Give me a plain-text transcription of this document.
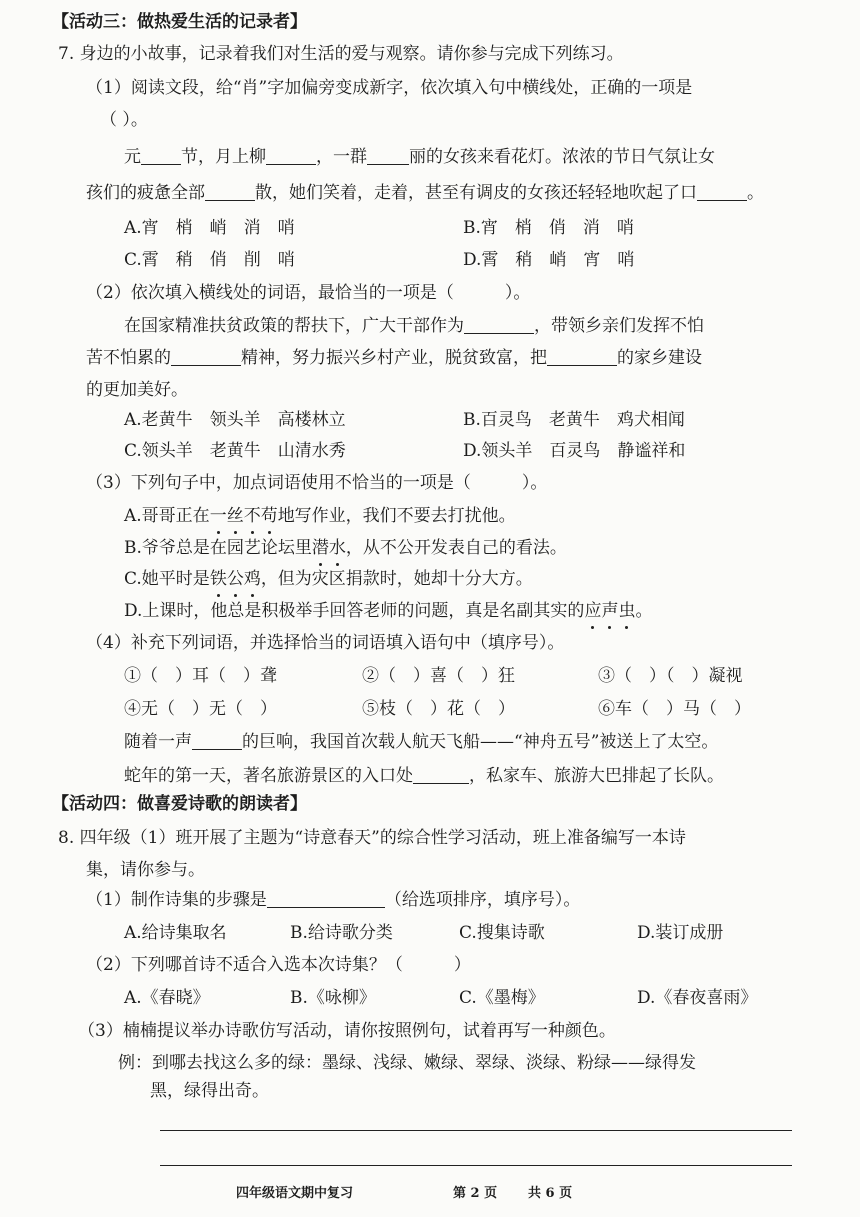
【活动三：做热爱生活的记录者】
7. 身边的小故事，记录着我们对生活的爱与观察。请你参与完成下列练习。
（1）阅读文段，给“肖”字加偏旁变成新字，依次填入句中横线处，正确的一项是
（ ）。
元 节，月上柳	，一群 丽的女孩来看花灯。浓浓的节日气氛让女
孩们的疲惫全部	散，她们笑着，走着，甚至有调皮的女孩还轻轻地吹起了口	。
A.宵　梢　峭　消　哨	B.宵　梢　俏　消　哨
C.霄　稍　俏　削　哨	D.霄　稍　峭　宵　哨
（2）依次填入横线处的词语，最恰当的一项是（　　　）。
在国家精准扶贫政策的帮扶下，广大干部作为	，带领乡亲们发挥不怕
苦不怕累的	精神，努力振兴乡村产业，脱贫致富，把	的家乡建设
的更加美好。
A.老黄牛　领头羊　高楼林立	B.百灵鸟　老黄牛　鸡犬相闻
C.领头羊　老黄牛　山清水秀	D.领头羊　百灵鸟　静谧祥和
（3）下列句子中，加点词语使用不恰当的一项是（　　　）。
A.哥哥正在一丝不苟地写作业，我们不要去打扰他。
B.爷爷总是在园艺论坛里潜水，从不公开发表自己的看法。
C.她平时是铁公鸡，但为灾区捐款时，她却十分大方。
D.上课时，他总是积极举手回答老师的问题，真是名副其实的应声虫。
（4）补充下列词语，并选择恰当的词语填入语句中（填序号）。
①（　）耳（　）聋	②（　）喜（　）狂	③（　）（　）凝视
④无（　）无（　）	⑤枝（　）花（　）	⑥车（　）马（　）
随着一声	的巨响，我国首次载人航天飞船——“神舟五号”被送上了太空。
蛇年的第一天，著名旅游景区的入口处	，私家车、旅游大巴排起了长队。
【活动四：做喜爱诗歌的朗读者】
8. 四年级（1）班开展了主题为“诗意春天”的综合性学习活动，班上准备编写一本诗
集，请你参与。
（1）制作诗集的步骤是	（给选项排序，填序号）。
A.给诗集取名	B.给诗歌分类	C.搜集诗歌	D.装订成册
（2）下列哪首诗不适合入选本次诗集？（　　　）
A.《春晓》	B.《咏柳》	C.《墨梅》	D.《春夜喜雨》
（3）楠楠提议举办诗歌仿写活动，请你按照例句，试着再写一种颜色。
例：到哪去找这么多的绿：墨绿、浅绿、嫩绿、翠绿、淡绿、粉绿——绿得发
黑，绿得出奇。
四年级语文期中复习	第 2 页 共 6 页
